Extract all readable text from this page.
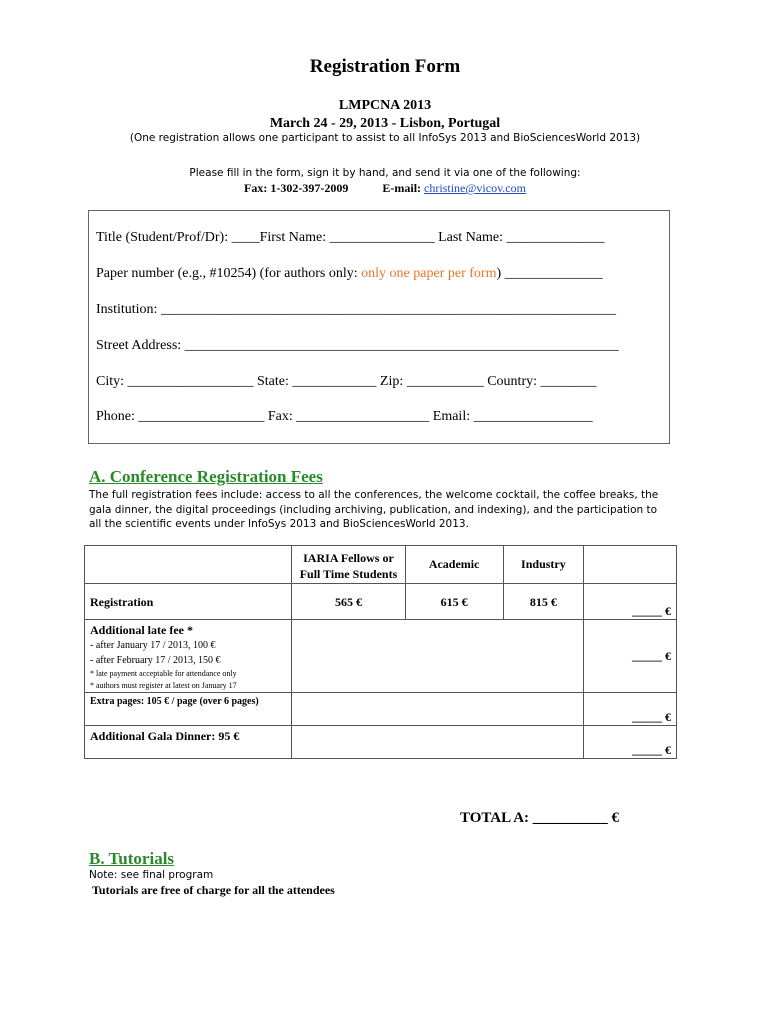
Registration Form
LMPCNA 2013
March 24 - 29, 2013 - Lisbon, Portugal
(One registration allows one participant to assist to all InfoSys 2013 and BioSciencesWorld 2013)
Please fill in the form, sign it by hand, and send it via one of the following:
Fax: 1-302-397-2009	E-mail: christine@vicov.com
Title (Student/Prof/Dr): ____First Name: _______________ Last Name: ______________
Paper number (e.g., #10254) (for authors only: only one paper per form) ______________
Institution: _________________________________________________________________
Street Address: ______________________________________________________________
City: __________________ State: ____________ Zip: ___________ Country: ________
Phone: __________________ Fax: ___________________ Email: _________________
A. Conference Registration Fees
The full registration fees include: access to all the conferences, the welcome cocktail, the coffee breaks, the gala dinner, the digital proceedings (including archiving, publication, and indexing), and the participation to all the scientific events under InfoSys 2013 and BioSciencesWorld 2013.

	IARIA Fellows or
Full Time Students	Academic	Industry	
Registration	565 €	615 €	815 €	_____ €

Additional late fee *
- after January 17 / 2013, 100 €
- after February 17 / 2013, 150 €
* late payment acceptable for attendance only
* authors must register at latest on January 17				_____ €
Extra pages: 105 € / page (over 6 pages)				_____ €
Additional Gala Dinner: 95 €				_____ €
TOTAL A: __________ €
B. Tutorials
Note: see final program
Tutorials are free of charge for all the attendees
